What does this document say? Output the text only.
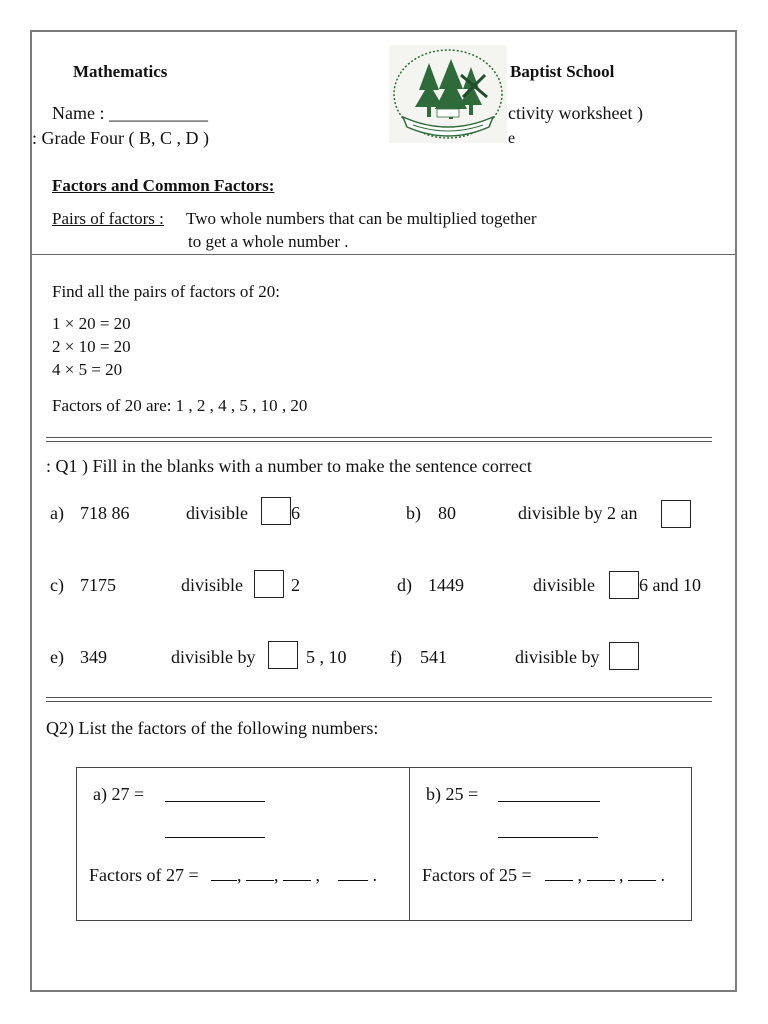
Mathematics	Baptist School
Name : ___________	ctivity worksheet )
: Grade Four ( B, C , D )	e
Factors and Common Factors:
Pairs of factors : Two whole numbers that can be multiplied together
to get a whole number .
Find all the pairs of factors of 20:
1 × 20 = 20
2 × 10 = 20
4 × 5 = 20
Factors of 20 are: 1 , 2 , 4 , 5 , 10 , 20
: Q1 ) Fill in the blanks with a number to make the sentence correct
a) 718 86	divisible 6	b) 80	divisible by 2 an
c) 7175	divisible	2	d) 1449	divisible 6 and 10
e) 349	divisible by	5 , 10 f) 541	divisible by
Q2) List the factors of the following numbers:
a) 27 =
Factors of 27 =	, ,  ,     .
b) 25 =
Factors of 25 =	,  ,  .
